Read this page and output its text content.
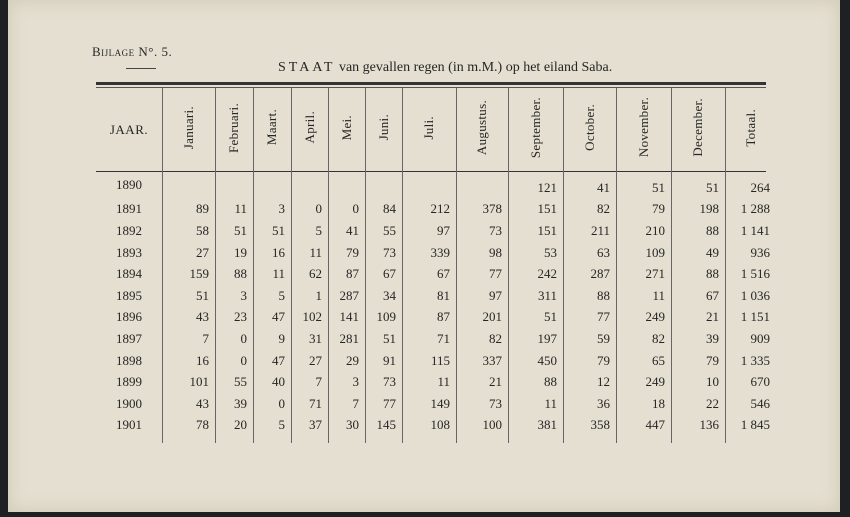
Bijlage N°. 5.
STAAT van gevallen regen (in m.M.) op het eiland Saba.
JAAR.	Januari.	Februari.	Maart.	April.	Mei.	Juni.	Juli.	Augustus.	September.	October.	November.	December.	Totaal.
1890									121	41	51	51	264
1891	89	11	3	0	0	84	212	378	151	82	79	198	1 288
1892	58	51	51	5	41	55	97	73	151	211	210	88	1 141
1893	27	19	16	11	79	73	339	98	53	63	109	49	936
1894	159	88	11	62	87	67	67	77	242	287	271	88	1 516
1895	51	3	5	1	287	34	81	97	311	88	11	67	1 036
1896	43	23	47	102	141	109	87	201	51	77	249	21	1 151
1897	7	0	9	31	281	51	71	82	197	59	82	39	909
1898	16	0	47	27	29	91	115	337	450	79	65	79	1 335
1899	101	55	40	7	3	73	11	21	88	12	249	10	670
1900	43	39	0	71	7	77	149	73	11	36	18	22	546
1901	78	20	5	37	30	145	108	100	381	358	447	136	1 845
